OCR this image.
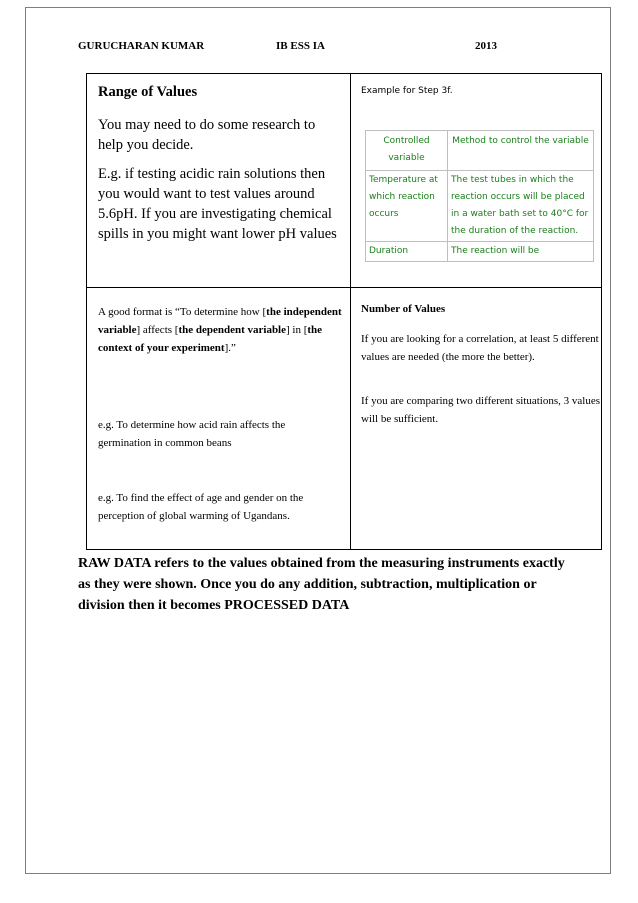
GURUCHARAN KUMAR	IB ESS IA	2013
Range of Values
You may need to do some research to help you decide.
E.g. if testing acidic rain solutions then you would want to test values around 5.6pH. If you are investigating chemical spills in you might want lower pH values
Example for Step 3f.
Controlled variable	Method to control the variable
Temperature at which reaction occurs	The test tubes in which the reaction occurs will be placed in a water bath set to 40°C for the duration of the reaction.
Duration	The reaction will be
A good format is “To determine how [the independent variable] affects [the dependent variable] in [the context of your experiment].”
e.g. To determine how acid rain affects the germination in common beans
e.g. To find the effect of age and gender on the perception of global warming of Ugandans.
Number of Values
If you are looking for a correlation, at least 5 different values are needed (the more the better).
If you are comparing two different situations, 3 values will be sufficient.
RAW DATA refers to the values obtained from the measuring instruments exactly as they were shown. Once you do any addition, subtraction, multiplication or division then it becomes PROCESSED DATA
